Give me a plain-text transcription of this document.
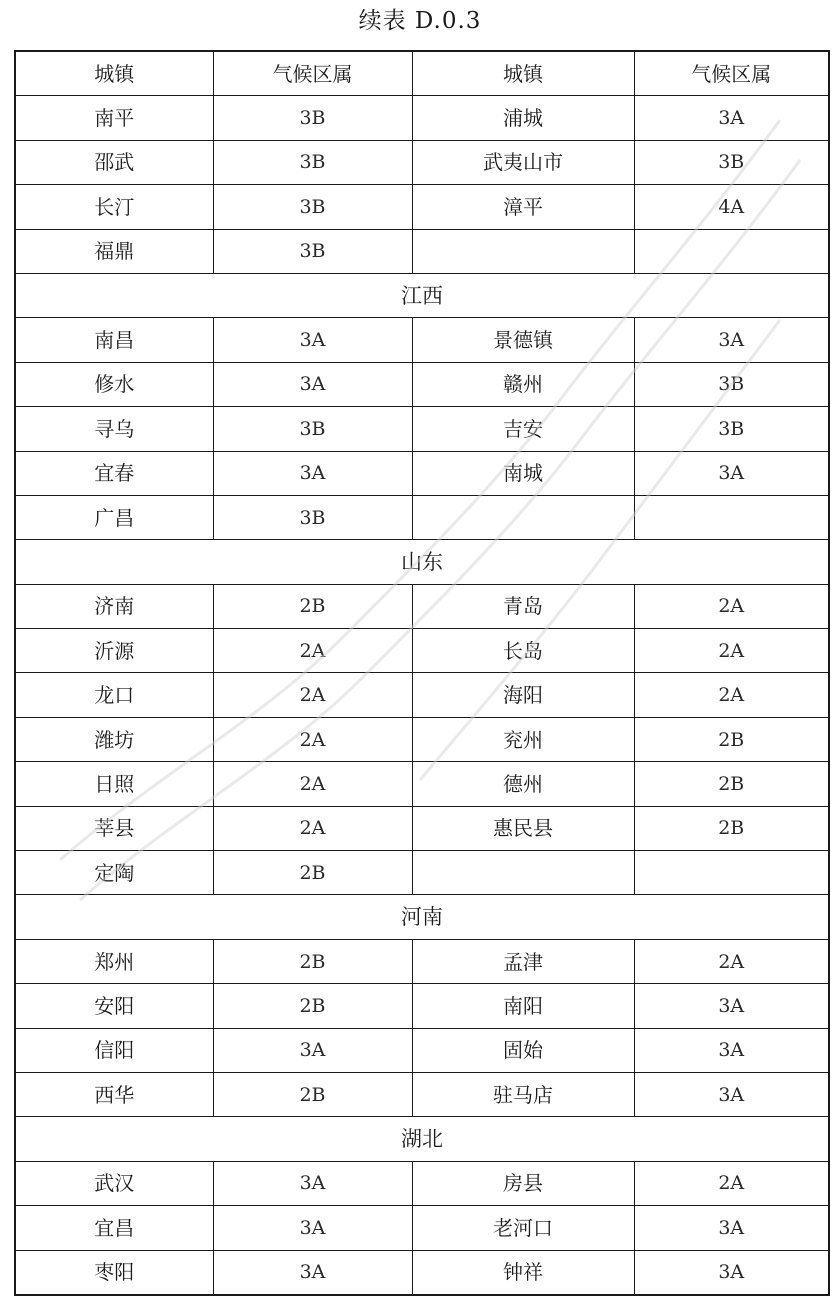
续表 D.0.3
城镇	气候区属	城镇	气候区属
南平	3B	浦城	3A
邵武	3B	武夷山市	3B
长汀	3B	漳平	4A
福鼎	3B		
江西			
南昌	3A	景德镇	3A
修水	3A	赣州	3B
寻乌	3B	吉安	3B
宜春	3A	南城	3A
广昌	3B		
山东			
济南	2B	青岛	2A
沂源	2A	长岛	2A
龙口	2A	海阳	2A
潍坊	2A	兖州	2B
日照	2A	德州	2B
莘县	2A	惠民县	2B
定陶	2B		
河南			
郑州	2B	孟津	2A
安阳	2B	南阳	3A
信阳	3A	固始	3A
西华	2B	驻马店	3A
湖北			
武汉	3A	房县	2A
宜昌	3A	老河口	3A
枣阳	3A	钟祥	3A
